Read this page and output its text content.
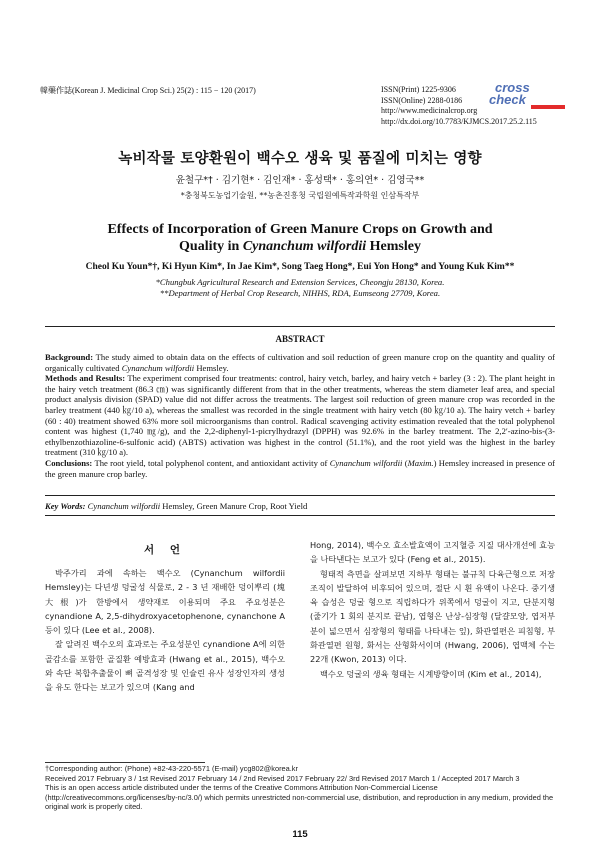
韓藥作誌(Korean J. Medicinal Crop Sci.) 25(2) : 115 − 120 (2017)	ISSN(Print) 1225-9306
ISSN(Online) 2288-0186
http://www.medicinalcrop.org
http://dx.doi.org/10.7783/KJMCS.2017.25.2.115
cross
check
녹비작물 토양환원이 백수오 생육 및 품질에 미치는 영향
윤철구*† · 김기현* · 김인재* · 홍성택* · 홍의연* · 김영국**
*충청북도농업기술원, **농촌진흥청 국립원예특작과학원 인삼특작부
Effects of Incorporation of Green Manure Crops on Growth and
Quality in Cynanchum wilfordii Hemsley
Cheol Ku Youn*†, Ki Hyun Kim*, In Jae Kim*, Song Taeg Hong*, Eui Yon Hong* and Young Kuk Kim**
*Chungbuk Agricultural Research and Extension Services, Cheongju 28130, Korea.
**Department of Herbal Crop Research, NIHHS, RDA, Eumseong 27709, Korea.
ABSTRACT

Background: The study aimed to obtain data on the effects of cultivation and soil reduction of green manure crop on the quantity and quality of organically cultivated Cynanchum wilfordii Hemsley.

Methods and Results: The experiment comprised four treatments: control, hairy vetch, barley, and hairy vetch + barley (3 : 2). The plant height in the hairy vetch treatment (86.3 ㎝) was significantly different from that in the other treatments, whereas the stem diameter leaf area, and special product analysis division (SPAD) value did not differ across the treatments. The largest soil reduction of green manure crop was recorded in the barley treatment (440 ㎏/10 a), whereas the smallest was recorded in the single treatment with hairy vetch (80 ㎏/10 a). The hairy vetch + barley (60 : 40) treatment showed 63% more soil microorganisms than control. Radical scavenging activity estimation revealed that the total polyphenol content was highest (1,740 ㎎/g), and the 2,2-diphenyl-1-picrylhydrazyl (DPPH) was 92.6% in the barley treatment. The 2,2′-azino-bis-(3-ethylbenzothiazoline-6-sulfonic acid) (ABTS) activation was highest in the control (51.1%), and the root yield was the highest in the barley treatment (310 ㎏/10 a).

Conclusions: The root yield, total polyphenol content, and antioxidant activity of Cynanchum wilfordii (Maxim.) Hemsley increased in presence of the green manure crop barley.

Key Words: Cynanchum wilfordii Hemsley, Green Manure Crop, Root Yield
서 언

박주가리 과에 속하는 백수오 (Cynanchum wilfordii Hemsley)는 다년생 덩굴성 식물로, 2 - 3 년 재배한 덩이뿌리 (塊大根)가 한방에서 생약재로 이용되며 주요 주요성분은 cynandione A, 2,5-dihydroxyacetophenone, cynanchone A 등이 있다 (Lee et al., 2008).

잘 알려진 백수오의 효과로는 주요성분인 cynandione A에 의한 골감소를 포함한 골질환 예방효과 (Hwang et al., 2015), 백수오와 속단 복합추출물이 뼈 골격성장 및 인슐린 유사 성장인자의 생성을 유도 한다는 보고가 있으며 (Kang and

Hong, 2014), 백수오 효소발효액이 고지혈증 지질 대사개선에 효능을 나타낸다는 보고가 있다 (Feng et al., 2015).

형태적 측면을 살펴보면 지하부 형태는 불규칙 다육근형으로 저장조직이 발달하여 비후되어 있으며, 절단 시 흰 유액이 나온다. 중기생육 습성은 덩굴 형으로 직립하다가 위쪽에서 덩굴이 지고, 단분지형 (줄기가 1 회의 분지로 끝남), 엽형은 난상-심장형 (달걀모양, 엽저부분이 넓으면서 심장형의 형태를 나타내는 잎), 화관열편은 피침형, 부화관열편 원형, 화서는 산형화서이며 (Hwang, 2006), 엽맥체 수는 22개 (Kwon, 2013) 이다.

백수오 덩굴의 생육 형태는 시계방향이며 (Kim et al., 2014),

†Corresponding author: (Phone) +82-43-220-5571 (E-mail) ycg802@korea.kr

Received 2017 February 3 / 1st Revised 2017 February 14 / 2nd Revised 2017 February 22/ 3rd Revised 2017 March 1 / Accepted 2017 March 3

This is an open access article distributed under the terms of the Creative Commons Attribution Non-Commercial License (http://creativecommons.org/licenses/by-nc/3.0/) which permits unrestricted non-commercial use, distribution, and reproduction in any medium, provided the original work is properly cited.

115
